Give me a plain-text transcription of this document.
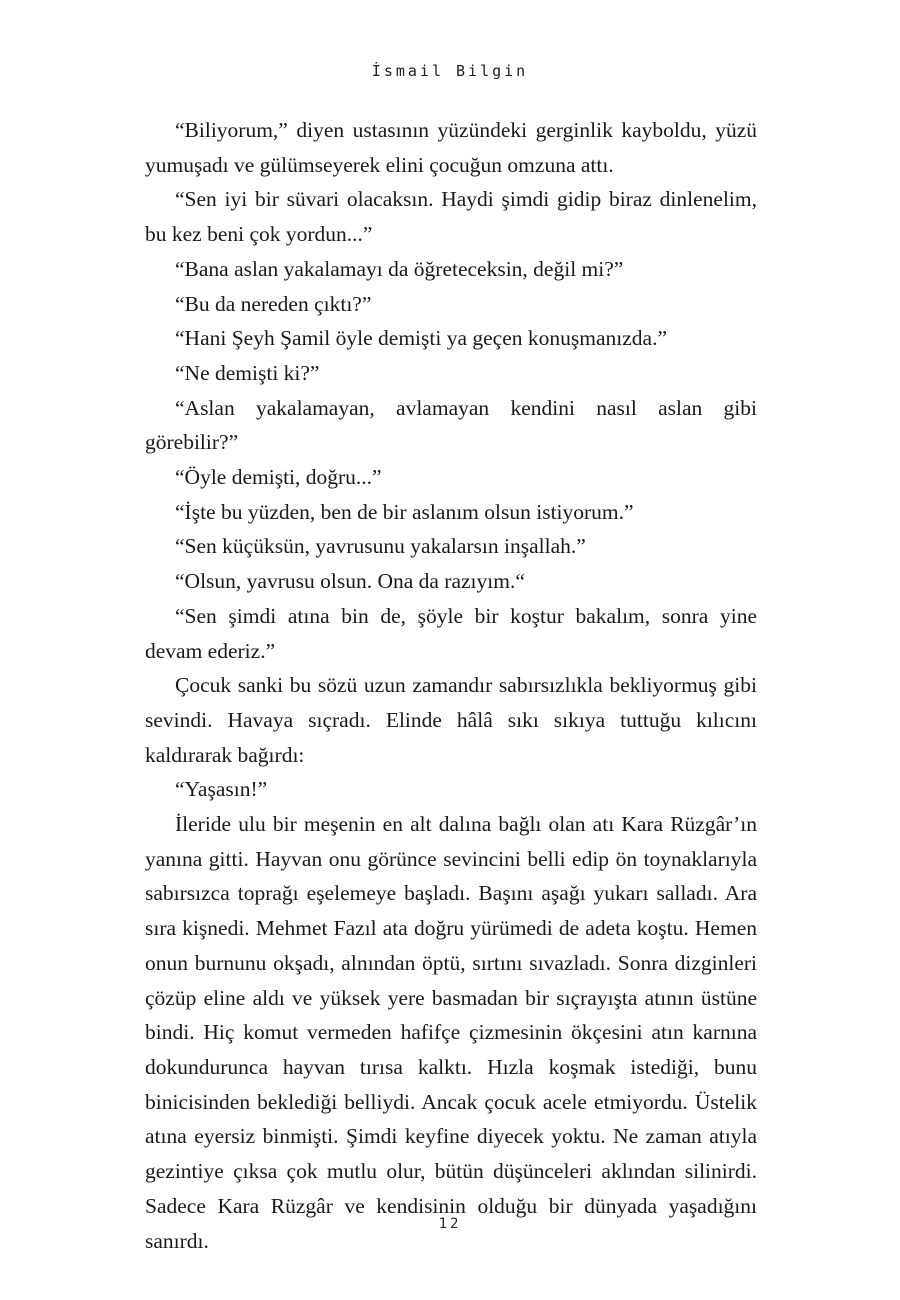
İsmail Bilgin

“Biliyorum,” diyen ustasının yüzündeki gerginlik kayboldu, yüzü yumuşadı ve gülümseyerek elini çocuğun omzuna attı.

“Sen iyi bir süvari olacaksın. Haydi şimdi gidip biraz dinlenelim, bu kez beni çok yordun...”

“Bana aslan yakalamayı da öğreteceksin, değil mi?”

“Bu da nereden çıktı?”

“Hani Şeyh Şamil öyle demişti ya geçen konuşmanızda.”

“Ne demişti ki?”

“Aslan yakalamayan, avlamayan kendini nasıl aslan gibi görebilir?”

“Öyle demişti, doğru...”

“İşte bu yüzden, ben de bir aslanım olsun istiyorum.”

“Sen küçüksün, yavrusunu yakalarsın inşallah.”

“Olsun, yavrusu olsun. Ona da razıyım.“

“Sen şimdi atına bin de, şöyle bir koştur bakalım, sonra yine devam ederiz.”

Çocuk sanki bu sözü uzun zamandır sabırsızlıkla bekliyormuş gibi sevindi. Havaya sıçradı. Elinde hâlâ sıkı sıkıya tuttuğu kılıcını kaldırarak bağırdı:

“Yaşasın!”

İleride ulu bir meşenin en alt dalına bağlı olan atı Kara Rüzgâr’ın yanına gitti. Hayvan onu görünce sevincini belli edip ön toynaklarıyla sabırsızca toprağı eşelemeye başladı. Başını aşağı yukarı salladı. Ara sıra kişnedi. Mehmet Fazıl ata doğru yürümedi de adeta koştu. Hemen onun burnunu okşadı, alnından öptü, sırtını sıvazladı. Sonra dizginleri çözüp eline aldı ve yüksek yere basmadan bir sıçrayışta atının üstüne bindi. Hiç komut vermeden hafifçe çizmesinin ökçesini atın karnına dokundurunca hayvan tırısa kalktı. Hızla koşmak istediği, bunu binicisinden beklediği belliydi. Ancak çocuk acele etmiyordu. Üstelik atına eyersiz binmişti. Şimdi keyfine diyecek yoktu. Ne zaman atıyla gezintiye çıksa çok mutlu olur, bütün düşünceleri aklından silinirdi. Sadece Kara Rüzgâr ve kendisinin olduğu bir dünyada yaşadığını sanırdı.

12
